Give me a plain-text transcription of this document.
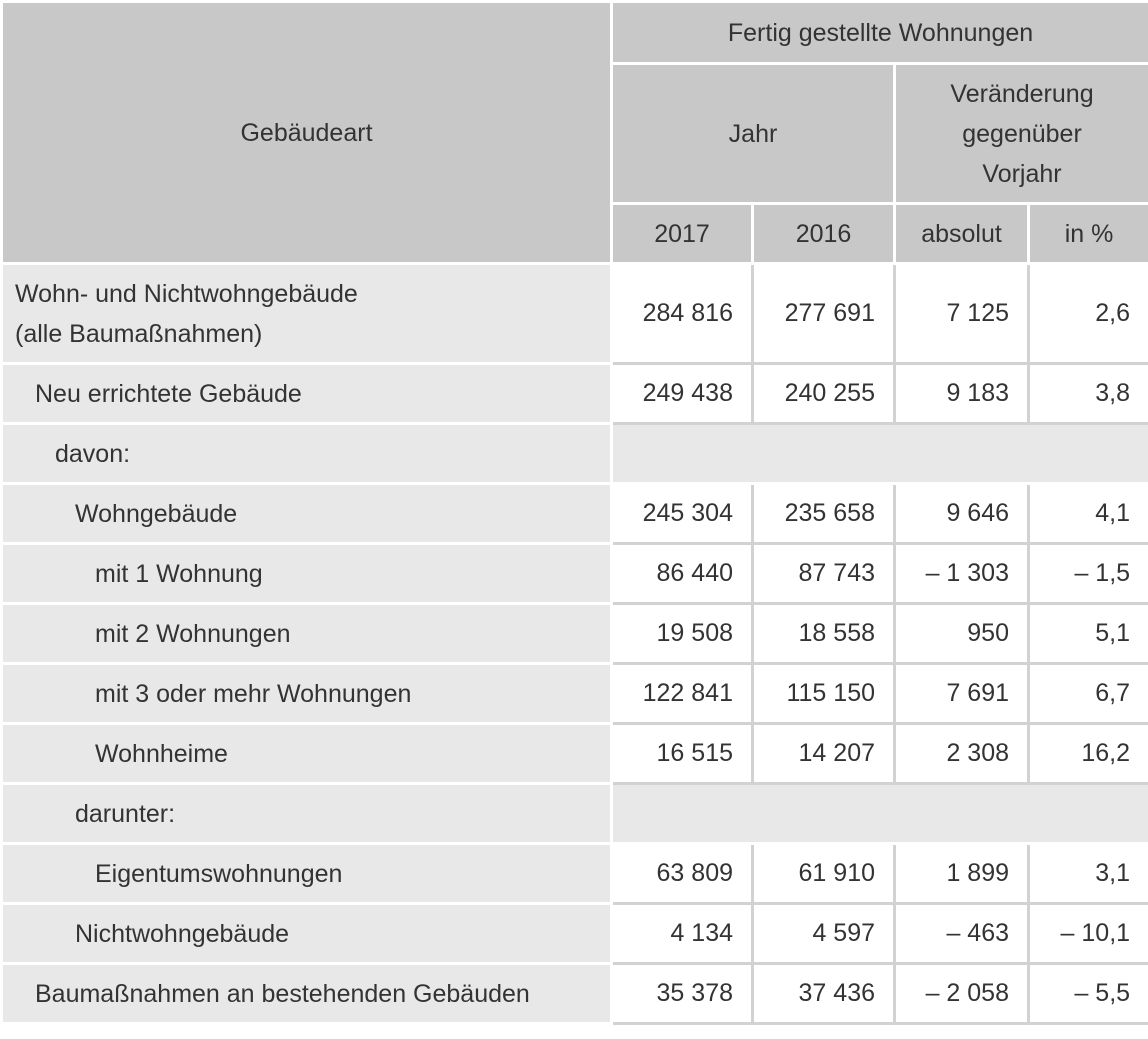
Gebäudeart	Fertig gestellte Wohnungen			
	Jahr		Veränderung
gegenüber
Vorjahr	

	2017	2016	absolut	in %

Wohn- und Nichtwohngebäude
(alle Baumaßnahmen)	284 816	277 691	7 125	2,6
Neu errichtete Gebäude	249 438	240 255	9 183	3,8
davon:				
Wohngebäude	245 304	235 658	9 646	4,1
mit 1 Wohnung	86 440	87 743	– 1 303	– 1,5
mit 2 Wohnungen	19 508	18 558	950	5,1
mit 3 oder mehr Wohnungen	122 841	115 150	7 691	6,7
Wohnheime	16 515	14 207	2 308	16,2
darunter:				
Eigentumswohnungen	63 809	61 910	1 899	3,1
Nichtwohngebäude	4 134	4 597	– 463	– 10,1
Baumaßnahmen an bestehenden Gebäuden	35 378	37 436	– 2 058	– 5,5
